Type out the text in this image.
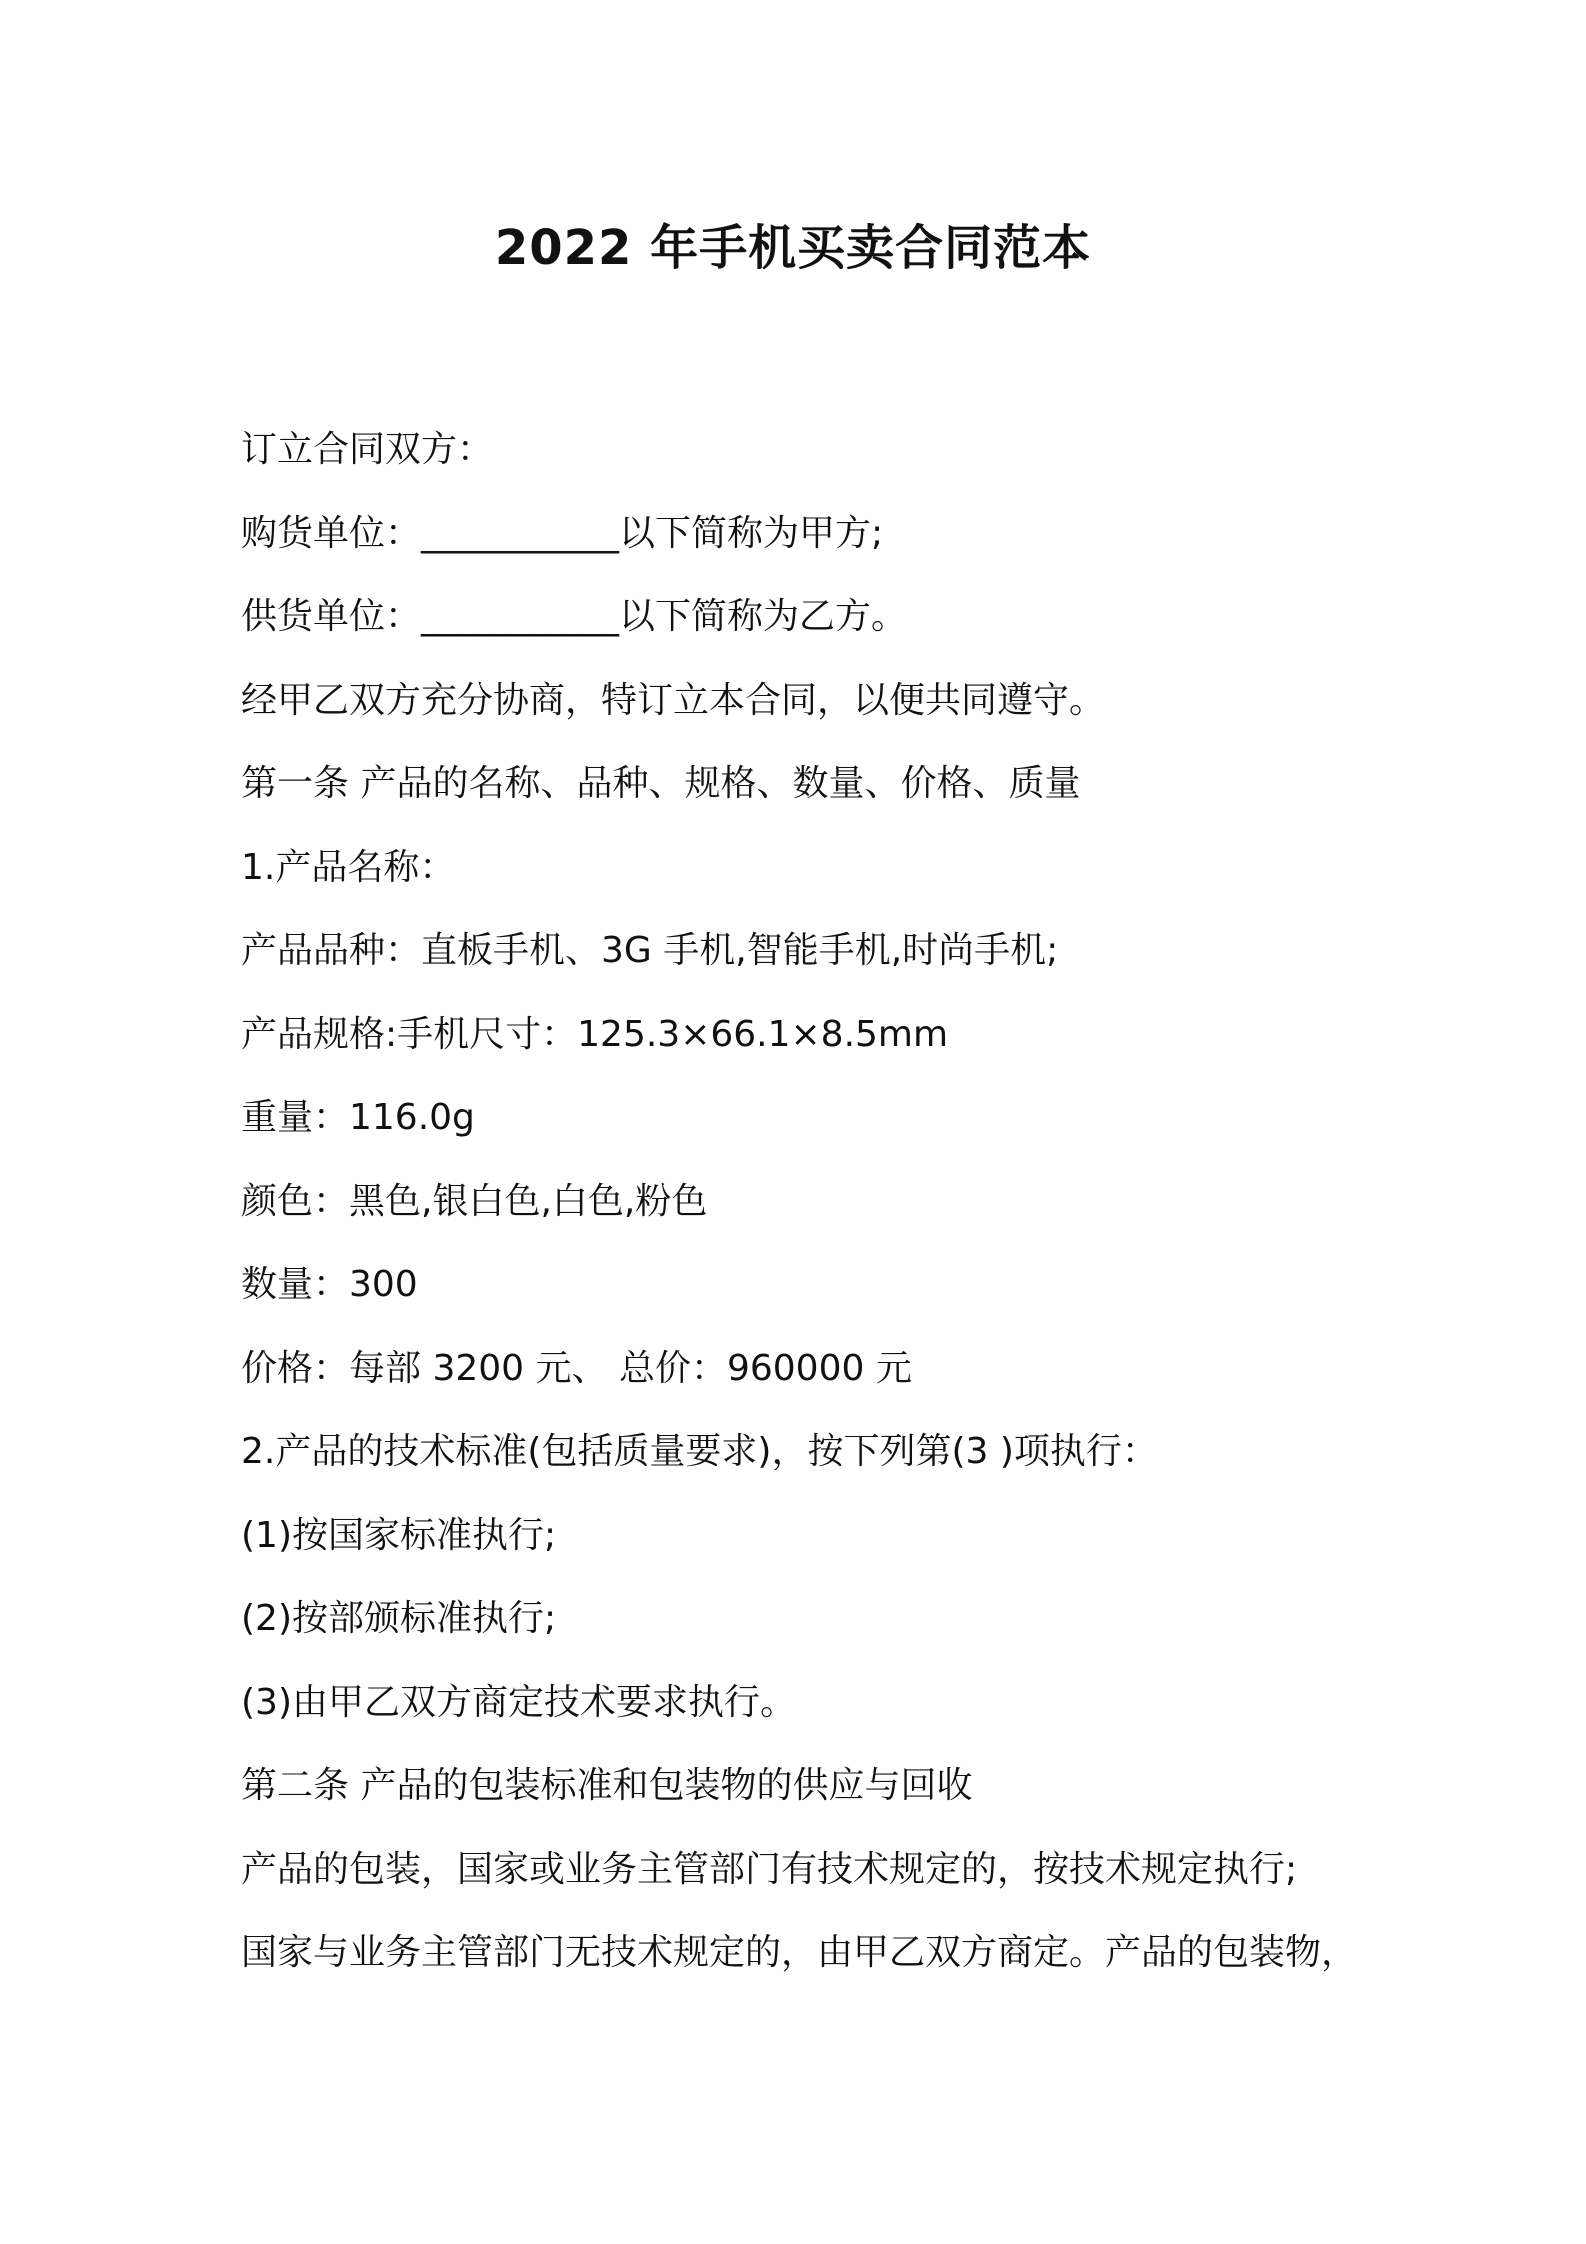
2022 年手机买卖合同范本
订立合同双方：
购货单位：___________以下简称为甲方;
供货单位：___________以下简称为乙方。
经甲乙双方充分协商，特订立本合同，以便共同遵守。
第一条 产品的名称、品种、规格、数量、价格、质量
1.产品名称：
产品品种：直板手机、3G 手机,智能手机,时尚手机;
产品规格:手机尺寸：125.3×66.1×8.5mm
重量：116.0g
颜色：黑色,银白色,白色,粉色
数量：300
价格：每部 3200 元、 总价：960000 元
2.产品的技术标准(包括质量要求)，按下列第(3 )项执行：
(1)按国家标准执行;
(2)按部颁标准执行;
(3)由甲乙双方商定技术要求执行。
第二条 产品的包装标准和包装物的供应与回收
产品的包装，国家或业务主管部门有技术规定的，按技术规定执行;
国家与业务主管部门无技术规定的，由甲乙双方商定。产品的包装物，
